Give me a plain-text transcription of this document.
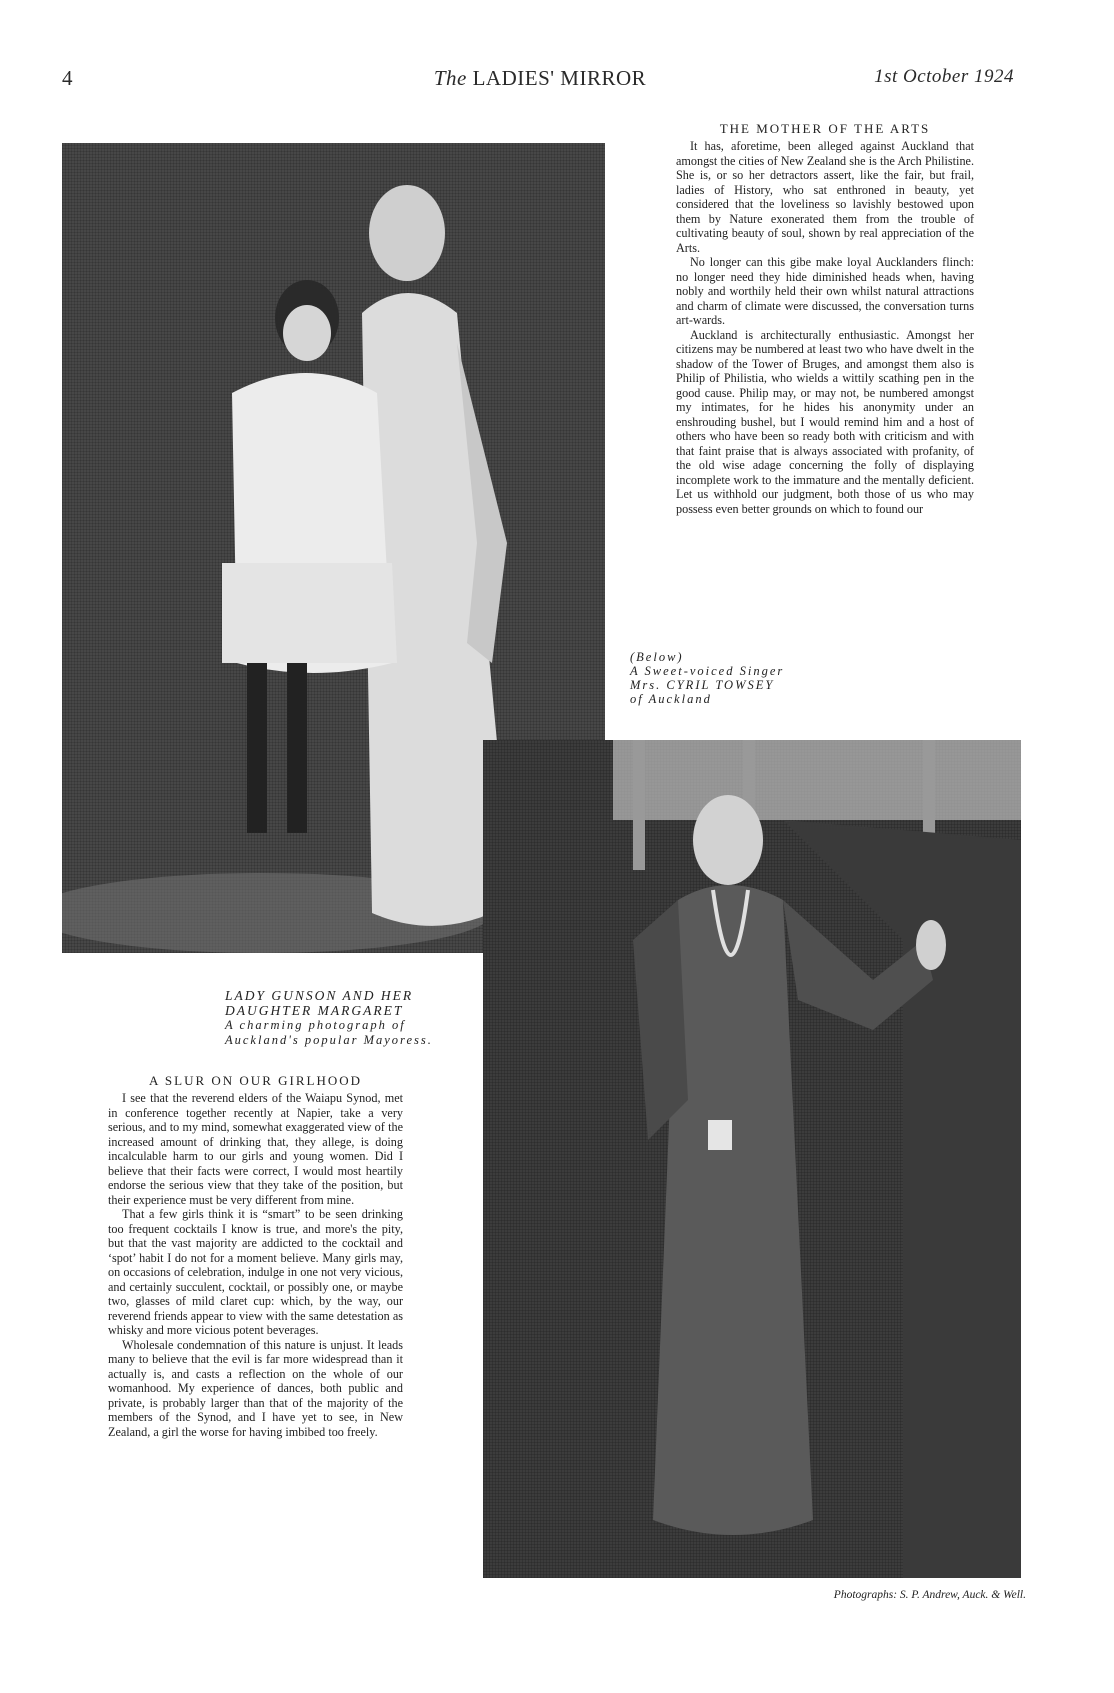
4	The LADIES' MIRROR	1st October 1924
THE MOTHER OF THE ARTS

It has, aforetime, been alleged against Auckland that amongst the cities of New Zealand she is the Arch Philistine. She is, or so her detractors assert, like the fair, but frail, ladies of History, who sat enthroned in beauty, yet considered that the loveliness so lavishly bestowed upon them by Nature exonerated them from the trouble of cultivating beauty of soul, shown by real appreciation of the Arts.

No longer can this gibe make loyal Aucklanders flinch: no longer need they hide diminished heads when, having nobly and worthily held their own whilst natural attractions and charm of climate were discussed, the conversation turns art-wards.

Auckland is architecturally enthusiastic. Amongst her citizens may be numbered at least two who have dwelt in the shadow of the Tower of Bruges, and amongst them also is Philip of Philistia, who wields a wittily scathing pen in the good cause. Philip may, or may not, be numbered amongst my intimates, for he hides his anonymity under an enshrouding bushel, but I would remind him and a host of others who have been so ready both with criticism and with that faint praise that is always associated with profanity, of the old wise adage concerning the folly of displaying incomplete work to the immature and the mentally deficient. Let us withhold our judgment, both those of us who may possess even better grounds on which to found our

(Below)
A Sweet-voiced Singer
Mrs. CYRIL TOWSEY
of Auckland
LADY GUNSON AND HER
DAUGHTER MARGARET
A charming photograph of
Auckland's popular Mayoress.
A SLUR ON OUR GIRLHOOD

I see that the reverend elders of the Waiapu Synod, met in conference together recently at Napier, take a very serious, and to my mind, somewhat exaggerated view of the increased amount of drinking that, they allege, is doing incalculable harm to our girls and young women. Did I believe that their facts were correct, I would most heartily endorse the serious view that they take of the position, but their experience must be very different from mine.

That a few girls think it is “smart” to be seen drinking too frequent cocktails I know is true, and more's the pity, but that the vast majority are addicted to the cocktail and ‘spot’ habit I do not for a moment believe. Many girls may, on occasions of celebration, indulge in one not very vicious, and certainly succulent, cocktail, or possibly one, or maybe two, glasses of mild claret cup: which, by the way, our reverend friends appear to view with the same detestation as whisky and more vicious potent beverages.

Wholesale condemnation of this nature is unjust. It leads many to believe that the evil is far more widespread than it actually is, and casts a reflection on the whole of our womanhood. My experience of dances, both public and private, is probably larger than that of the majority of the members of the Synod, and I have yet to see, in New Zealand, a girl the worse for having imbibed too freely.

Photographs: S. P. Andrew, Auck. & Well.
